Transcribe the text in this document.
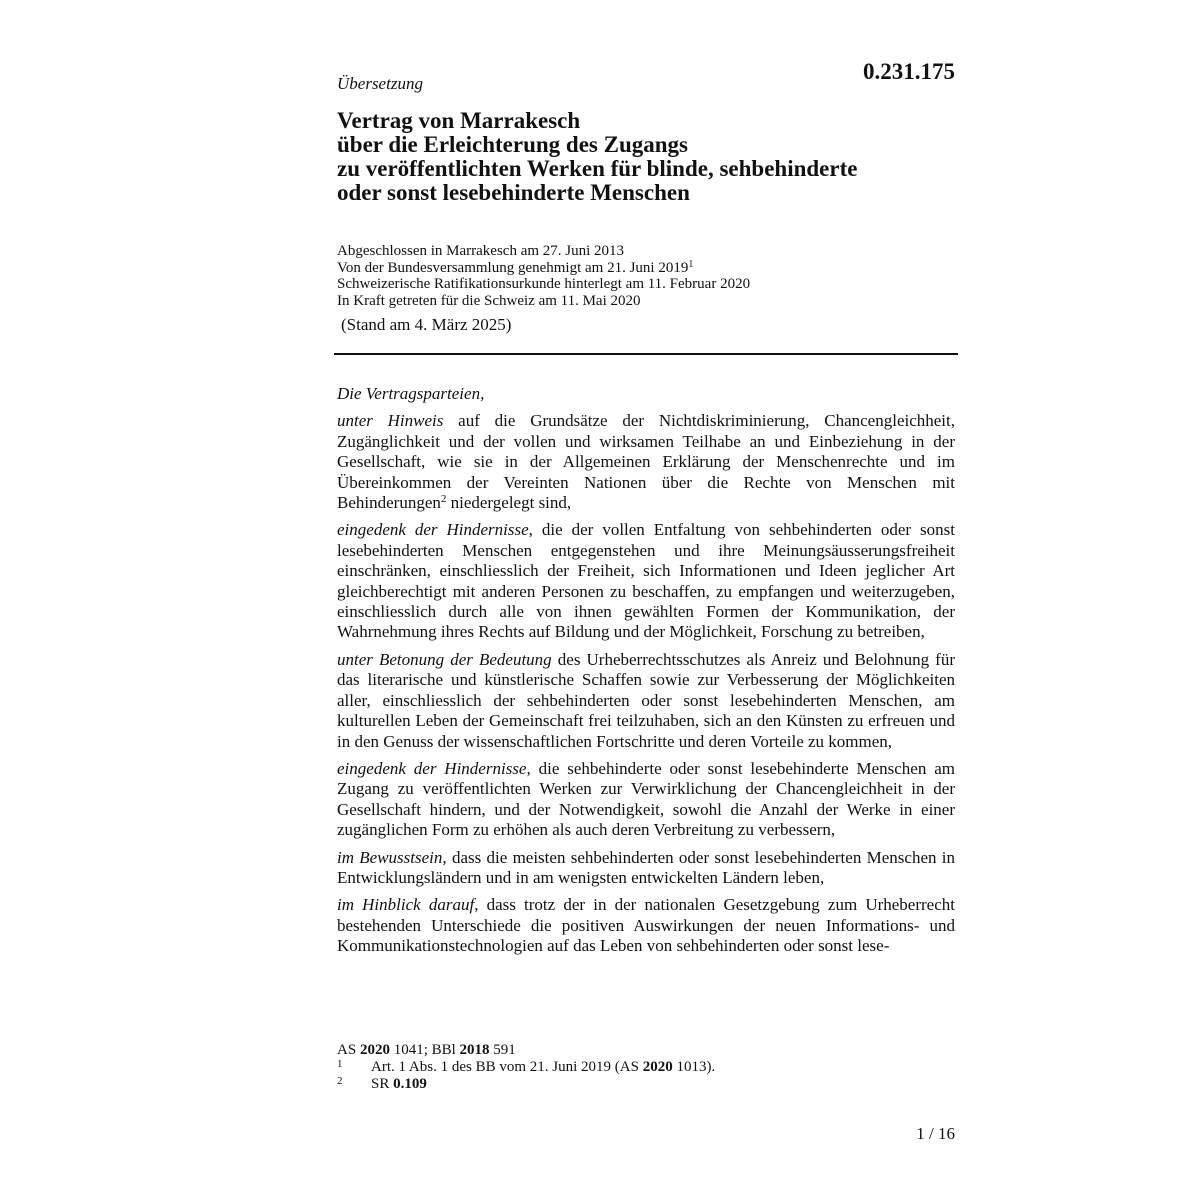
Übersetzung	0.231.175
Vertrag von Marrakesch
über die Erleichterung des Zugangs
zu veröffentlichten Werken für blinde, sehbehinderte
oder sonst lesebehinderte Menschen
Abgeschlossen in Marrakesch am 27. Juni 2013
Von der Bundesversammlung genehmigt am 21. Juni 2019$^1$
Schweizerische Ratifikationsurkunde hinterlegt am 11. Februar 2020
In Kraft getreten für die Schweiz am 11. Mai 2020
(Stand am 4. März 2025)

Die Vertragsparteien,

unter Hinweis auf die Grundsätze der Nichtdiskriminierung, Chancengleichheit, Zugänglichkeit und der vollen und wirksamen Teilhabe an und Einbeziehung in der Gesellschaft, wie sie in der Allgemeinen Erklärung der Menschenrechte und im Übereinkommen der Vereinten Nationen über die Rechte von Menschen mit Behinderungen$^2$ niedergelegt sind,

eingedenk der Hindernisse, die der vollen Entfaltung von sehbehinderten oder sonst lesebehinderten Menschen entgegenstehen und ihre Meinungsäusserungsfreiheit einschränken, einschliesslich der Freiheit, sich Informationen und Ideen jeglicher Art gleichberechtigt mit anderen Personen zu beschaffen, zu empfangen und weiterzugeben, einschliesslich durch alle von ihnen gewählten Formen der Kommunikation, der Wahrnehmung ihres Rechts auf Bildung und der Möglichkeit, Forschung zu betreiben,

unter Betonung der Bedeutung des Urheberrechtsschutzes als Anreiz und Belohnung für das literarische und künstlerische Schaffen sowie zur Verbesserung der Möglichkeiten aller, einschliesslich der sehbehinderten oder sonst lesebehinderten Menschen, am kulturellen Leben der Gemeinschaft frei teilzuhaben, sich an den Künsten zu erfreuen und in den Genuss der wissenschaftlichen Fortschritte und deren Vorteile zu kommen,

eingedenk der Hindernisse, die sehbehinderte oder sonst lesebehinderte Menschen am Zugang zu veröffentlichten Werken zur Verwirklichung der Chancengleichheit in der Gesellschaft hindern, und der Notwendigkeit, sowohl die Anzahl der Werke in einer zugänglichen Form zu erhöhen als auch deren Verbreitung zu verbessern,

im Bewusstsein, dass die meisten sehbehinderten oder sonst lesebehinderten Menschen in Entwicklungsländern und in am wenigsten entwickelten Ländern leben,

im Hinblick darauf, dass trotz der in der nationalen Gesetzgebung zum Urheberrecht bestehenden Unterschiede die positiven Auswirkungen der neuen Informations- und Kommunikationstechnologien auf das Leben von sehbehinderten oder sonst lese-

AS 2020 1041; BBl 2018 591
1	Art. 1 Abs. 1 des BB vom 21. Juni 2019 (AS 2020 1013).
2	SR 0.109
1 / 16
